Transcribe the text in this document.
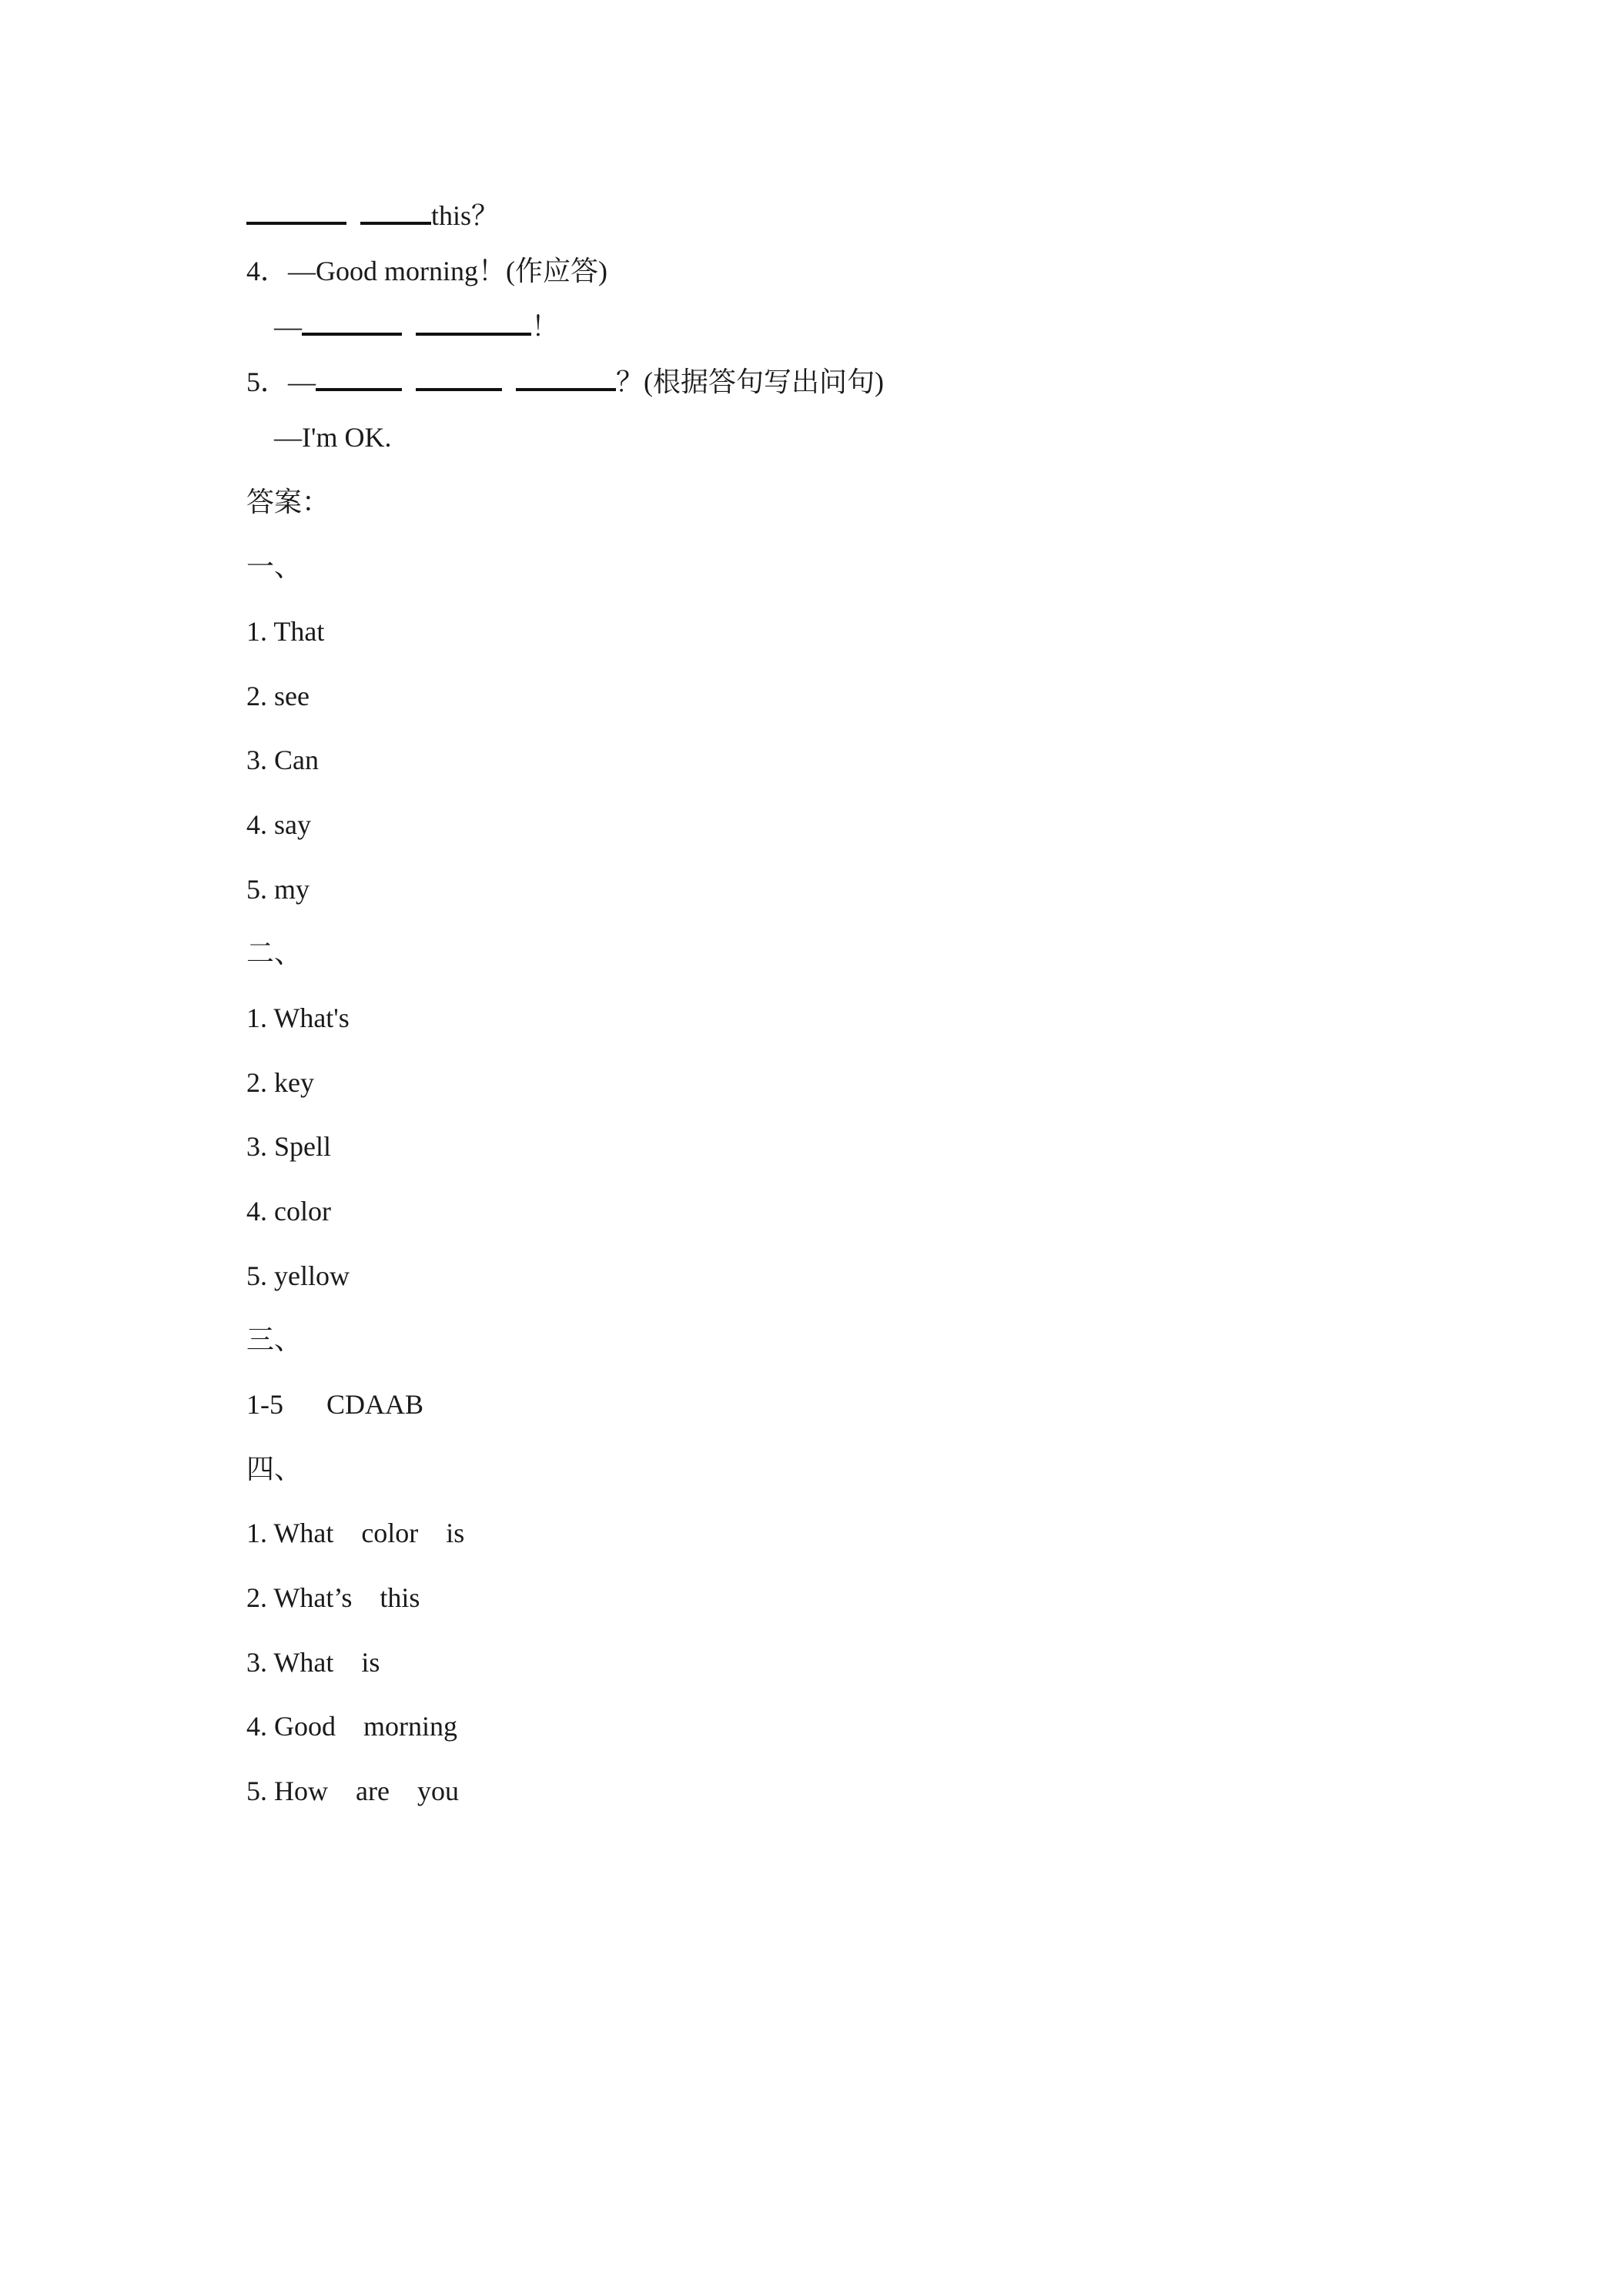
this？
4．—Good morning！(作应答)
—	！
5．—	？(根据答句写出问句)
—I'm OK.
答案：
一、
1. That
2. see
3. Can
4. say
5. my
二、
1. What's
2. key
3. Spell
4. color
5. yellow
三、
1-5 CDAAB
四、
1. What color is
2. What’s this
3. What is
4. Good morning
5. How are you
